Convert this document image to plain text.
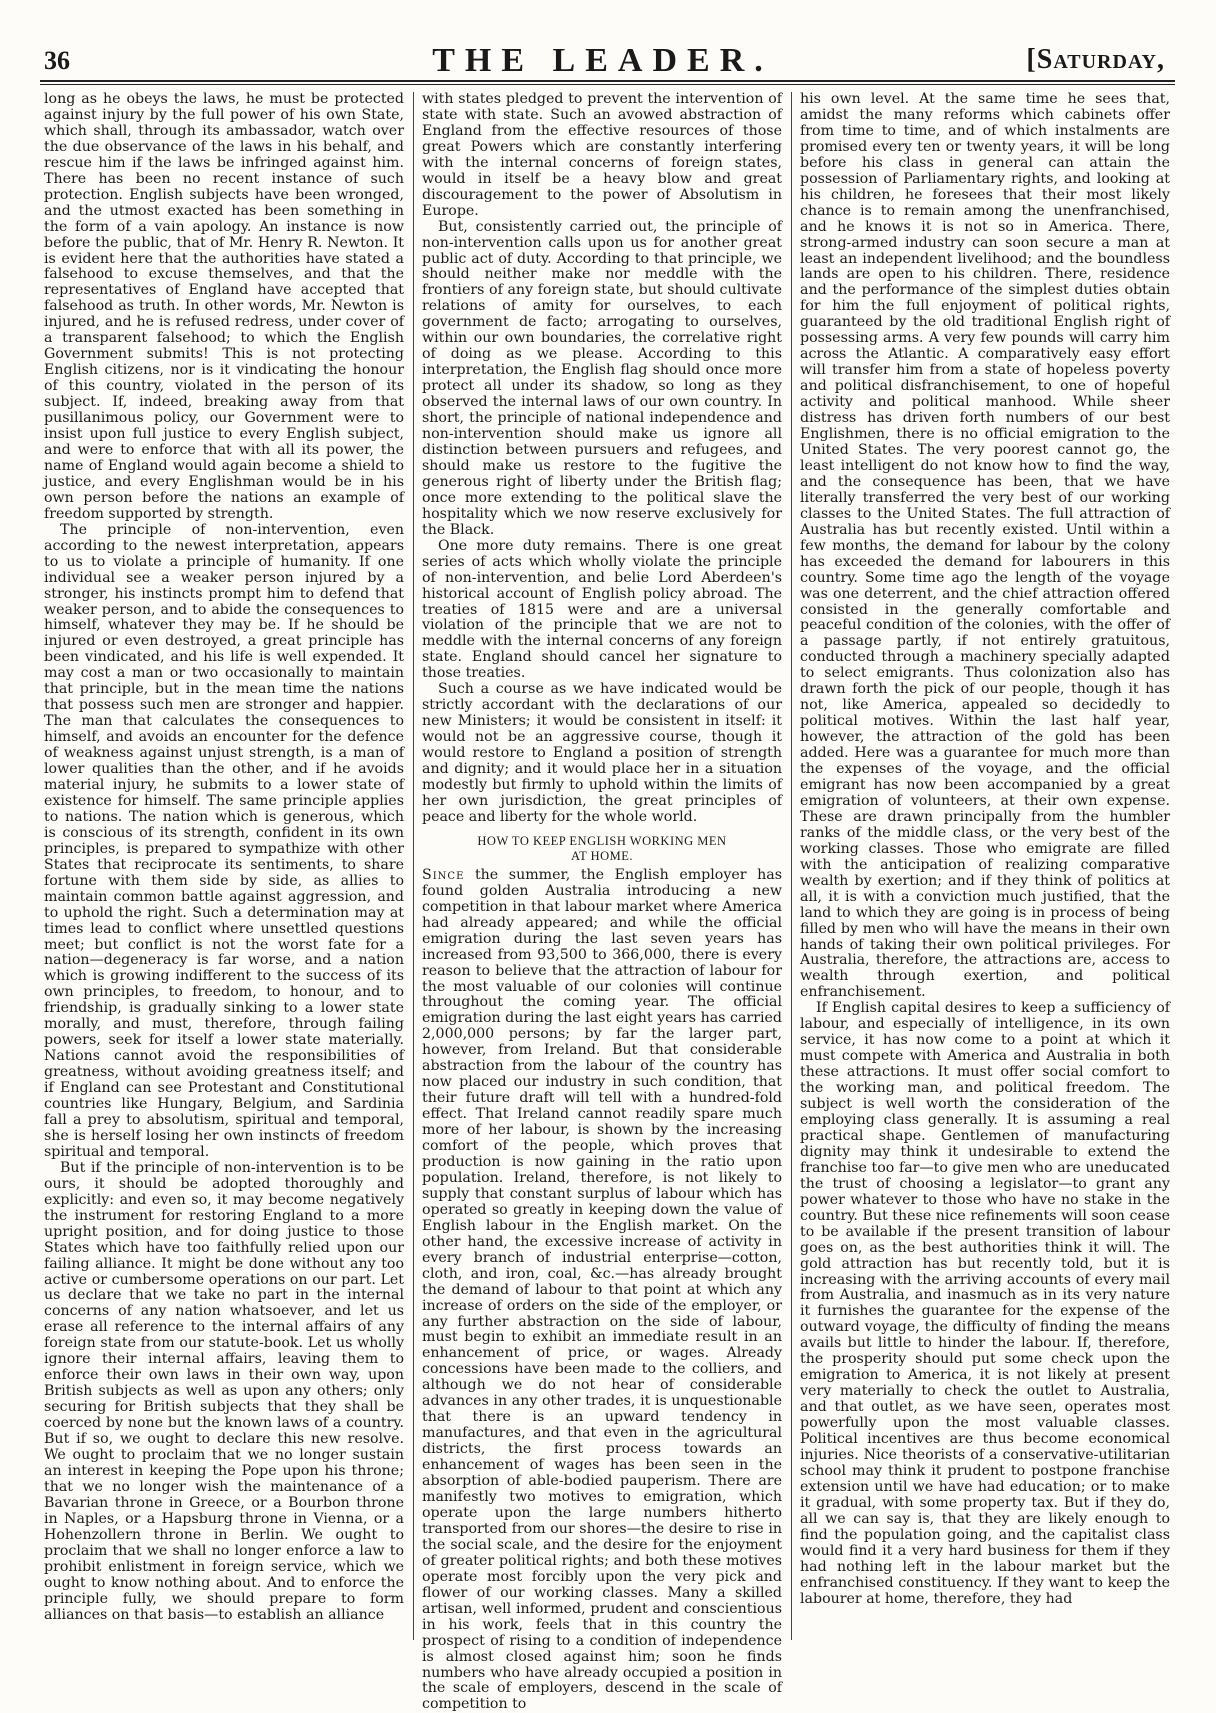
36	THE LEADER.	[Saturday,

long as he obeys the laws, he must be protected against injury by the full power of his own State, which shall, through its ambassador, watch over the due observance of the laws in his behalf, and rescue him if the laws be infringed against him. There has been no recent instance of such protection. English subjects have been wronged, and the utmost exacted has been something in the form of a vain apology. An instance is now before the public, that of Mr. Henry R. Newton. It is evident here that the authorities have stated a falsehood to excuse themselves, and that the representatives of England have accepted that falsehood as truth. In other words, Mr. Newton is injured, and he is refused redress, under cover of a transparent falsehood; to which the English Government submits! This is not protecting English citizens, nor is it vindicating the honour of this country, violated in the person of its subject. If, indeed, breaking away from that pusillanimous policy, our Government were to insist upon full justice to every English subject, and were to enforce that with all its power, the name of England would again become a shield to justice, and every Englishman would be in his own person before the nations an example of freedom supported by strength.

The principle of non-intervention, even according to the newest interpretation, appears to us to violate a principle of humanity. If one individual see a weaker person injured by a stronger, his instincts prompt him to defend that weaker person, and to abide the consequences to himself, whatever they may be. If he should be injured or even destroyed, a great principle has been vindicated, and his life is well expended. It may cost a man or two occasionally to maintain that principle, but in the mean time the nations that possess such men are stronger and happier. The man that calculates the consequences to himself, and avoids an encounter for the defence of weakness against unjust strength, is a man of lower qualities than the other, and if he avoids material injury, he submits to a lower state of existence for himself. The same principle applies to nations. The nation which is generous, which is conscious of its strength, confident in its own principles, is prepared to sympathize with other States that reciprocate its sentiments, to share fortune with them side by side, as allies to maintain common battle against aggression, and to uphold the right. Such a determination may at times lead to conflict where unsettled questions meet; but conflict is not the worst fate for a nation—degeneracy is far worse, and a nation which is growing indifferent to the success of its own principles, to freedom, to honour, and to friendship, is gradually sinking to a lower state morally, and must, therefore, through failing powers, seek for itself a lower state materially. Nations cannot avoid the responsibilities of greatness, without avoiding greatness itself; and if England can see Protestant and Constitutional countries like Hungary, Belgium, and Sardinia fall a prey to absolutism, spiritual and temporal, she is herself losing her own instincts of freedom spiritual and temporal.

But if the principle of non-intervention is to be ours, it should be adopted thoroughly and explicitly: and even so, it may become negatively the instrument for restoring England to a more upright position, and for doing justice to those States which have too faithfully relied upon our failing alliance. It might be done without any too active or cumbersome operations on our part. Let us declare that we take no part in the internal concerns of any nation whatsoever, and let us erase all reference to the internal affairs of any foreign state from our statute-book. Let us wholly ignore their internal affairs, leaving them to enforce their own laws in their own way, upon British subjects as well as upon any others; only securing for British subjects that they shall be coerced by none but the known laws of a country. But if so, we ought to declare this new resolve. We ought to proclaim that we no longer sustain an interest in keeping the Pope upon his throne; that we no longer wish the maintenance of a Bavarian throne in Greece, or a Bourbon throne in Naples, or a Hapsburg throne in Vienna, or a Hohenzollern throne in Berlin. We ought to proclaim that we shall no longer enforce a law to prohibit enlistment in foreign service, which we ought to know nothing about. And to enforce the principle fully, we should prepare to form alliances on that basis—to establish an alliance

with states pledged to prevent the intervention of state with state. Such an avowed abstraction of England from the effective resources of those great Powers which are constantly interfering with the internal concerns of foreign states, would in itself be a heavy blow and great discouragement to the power of Absolutism in Europe.

But, consistently carried out, the principle of non-intervention calls upon us for another great public act of duty. According to that principle, we should neither make nor meddle with the frontiers of any foreign state, but should cultivate relations of amity for ourselves, to each government de facto; arrogating to ourselves, within our own boundaries, the correlative right of doing as we please. According to this interpretation, the English flag should once more protect all under its shadow, so long as they observed the internal laws of our own country. In short, the principle of national independence and non-intervention should make us ignore all distinction between pursuers and refugees, and should make us restore to the fugitive the generous right of liberty under the British flag; once more extending to the political slave the hospitality which we now reserve exclusively for the Black.

One more duty remains. There is one great series of acts which wholly violate the principle of non-intervention, and belie Lord Aberdeen's historical account of English policy abroad. The treaties of 1815 were and are a universal violation of the principle that we are not to meddle with the internal concerns of any foreign state. England should cancel her signature to those treaties.

Such a course as we have indicated would be strictly accordant with the declarations of our new Ministers; it would be consistent in itself: it would not be an aggressive course, though it would restore to England a position of strength and dignity; and it would place her in a situation modestly but firmly to uphold within the limits of her own jurisdiction, the great principles of peace and liberty for the whole world.

HOW TO KEEP ENGLISH WORKING MEN
AT HOME.

Since the summer, the English employer has found golden Australia introducing a new competition in that labour market where America had already appeared; and while the official emigration during the last seven years has increased from 93,500 to 366,000, there is every reason to believe that the attraction of labour for the most valuable of our colonies will continue throughout the coming year. The official emigration during the last eight years has carried 2,000,000 persons; by far the larger part, however, from Ireland. But that considerable abstraction from the labour of the country has now placed our industry in such condition, that their future draft will tell with a hundred-fold effect. That Ireland cannot readily spare much more of her labour, is shown by the increasing comfort of the people, which proves that production is now gaining in the ratio upon population. Ireland, therefore, is not likely to supply that constant surplus of labour which has operated so greatly in keeping down the value of English labour in the English market. On the other hand, the excessive increase of activity in every branch of industrial enterprise—cotton, cloth, and iron, coal, &c.—has already brought the demand of labour to that point at which any increase of orders on the side of the employer, or any further abstraction on the side of labour, must begin to exhibit an immediate result in an enhancement of price, or wages. Already concessions have been made to the colliers, and although we do not hear of considerable advances in any other trades, it is unquestionable that there is an upward tendency in manufactures, and that even in the agricultural districts, the first process towards an enhancement of wages has been seen in the absorption of able-bodied pauperism. There are manifestly two motives to emigration, which operate upon the large numbers hitherto transported from our shores—the desire to rise in the social scale, and the desire for the enjoyment of greater political rights; and both these motives operate most forcibly upon the very pick and flower of our working classes. Many a skilled artisan, well informed, prudent and conscientious in his work, feels that in this country the prospect of rising to a condition of independence is almost closed against him; soon he finds numbers who have already occupied a position in the scale of employers, descend in the scale of competition to

his own level. At the same time he sees that, amidst the many reforms which cabinets offer from time to time, and of which instalments are promised every ten or twenty years, it will be long before his class in general can attain the possession of Parliamentary rights, and looking at his children, he foresees that their most likely chance is to remain among the unenfranchised, and he knows it is not so in America. There, strong-armed industry can soon secure a man at least an independent livelihood; and the boundless lands are open to his children. There, residence and the performance of the simplest duties obtain for him the full enjoyment of political rights, guaranteed by the old traditional English right of possessing arms. A very few pounds will carry him across the Atlantic. A comparatively easy effort will transfer him from a state of hopeless poverty and political disfranchisement, to one of hopeful activity and political manhood. While sheer distress has driven forth numbers of our best Englishmen, there is no official emigration to the United States. The very poorest cannot go, the least intelligent do not know how to find the way, and the consequence has been, that we have literally transferred the very best of our working classes to the United States. The full attraction of Australia has but recently existed. Until within a few months, the demand for labour by the colony has exceeded the demand for labourers in this country. Some time ago the length of the voyage was one deterrent, and the chief attraction offered consisted in the generally comfortable and peaceful condition of the colonies, with the offer of a passage partly, if not entirely gratuitous, conducted through a machinery specially adapted to select emigrants. Thus colonization also has drawn forth the pick of our people, though it has not, like America, appealed so decidedly to political motives. Within the last half year, however, the attraction of the gold has been added. Here was a guarantee for much more than the expenses of the voyage, and the official emigrant has now been accompanied by a great emigration of volunteers, at their own expense. These are drawn principally from the humbler ranks of the middle class, or the very best of the working classes. Those who emigrate are filled with the anticipation of realizing comparative wealth by exertion; and if they think of politics at all, it is with a conviction much justified, that the land to which they are going is in process of being filled by men who will have the means in their own hands of taking their own political privileges. For Australia, therefore, the attractions are, access to wealth through exertion, and political enfranchisement.

If English capital desires to keep a sufficiency of labour, and especially of intelligence, in its own service, it has now come to a point at which it must compete with America and Australia in both these attractions. It must offer social comfort to the working man, and political freedom. The subject is well worth the consideration of the employing class generally. It is assuming a real practical shape. Gentlemen of manufacturing dignity may think it undesirable to extend the franchise too far—to give men who are uneducated the trust of choosing a legislator—to grant any power whatever to those who have no stake in the country. But these nice refinements will soon cease to be available if the present transition of labour goes on, as the best authorities think it will. The gold attraction has but recently told, but it is increasing with the arriving accounts of every mail from Australia, and inasmuch as in its very nature it furnishes the guarantee for the expense of the outward voyage, the difficulty of finding the means avails but little to hinder the labour. If, therefore, the prosperity should put some check upon the emigration to America, it is not likely at present very materially to check the outlet to Australia, and that outlet, as we have seen, operates most powerfully upon the most valuable classes. Political incentives are thus become economical injuries. Nice theorists of a conservative-utilitarian school may think it prudent to postpone franchise extension until we have had education; or to make it gradual, with some property tax. But if they do, all we can say is, that they are likely enough to find the population going, and the capitalist class would find it a very hard business for them if they had nothing left in the labour market but the enfranchised constituency. If they want to keep the labourer at home, therefore, they had
